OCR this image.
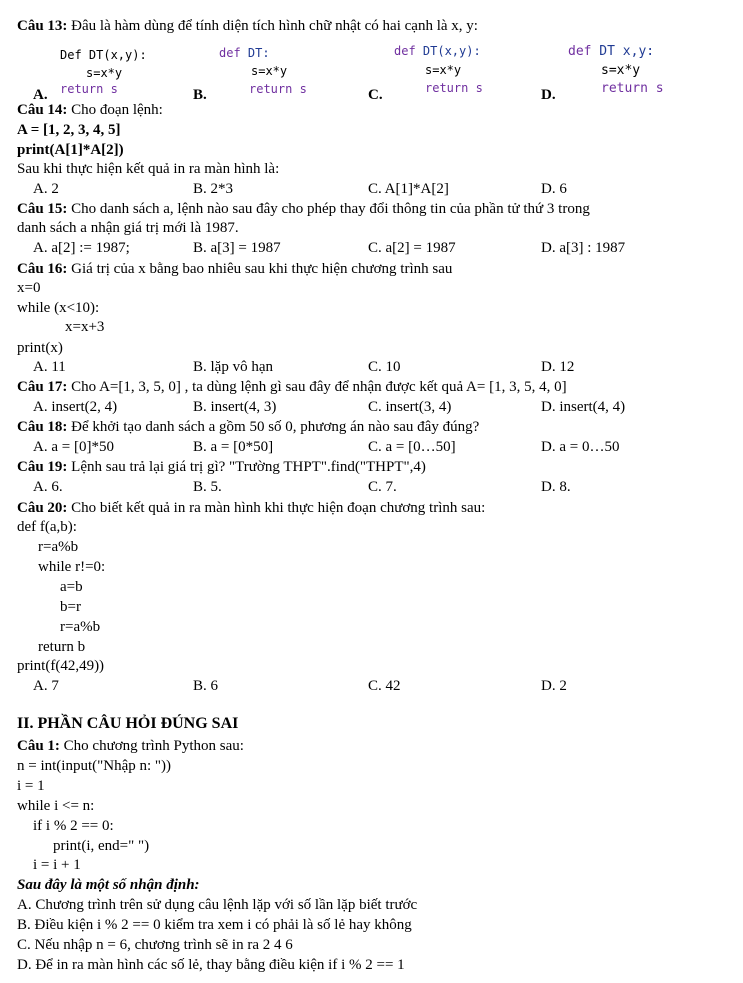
Câu 13: Đâu là hàm dùng để tính diện tích hình chữ nhật có hai cạnh là x, y:
Def DT(x,y):
s=x*y
return s
A.
def DT:
s=x*y
return s
B.
def DT(x,y):
s=x*y
return s
C.
def DT x,y:
s=x*y
return s
D.
Câu 14: Cho đoạn lệnh:
A = [1, 2, 3, 4, 5]
print(A[1]*A[2])
Sau khi thực hiện kết quả in ra màn hình là:
A. 2	B. 2*3	C. A[1]*A[2]	D. 6
Câu 15: Cho danh sách a, lệnh nào sau đây cho phép thay đổi thông tin của phần tử thứ 3 trong
danh sách a nhận giá trị mới là 1987.
A. a[2] := 1987;	B. a[3] = 1987	C. a[2] = 1987	D. a[3] : 1987
Câu 16: Giá trị của x bằng bao nhiêu sau khi thực hiện chương trình sau
x=0
while (x<10):
x=x+3
print(x)
A. 11	B. lặp vô hạn	C. 10	D. 12
Câu 17: Cho A=[1, 3, 5, 0] , ta dùng lệnh gì sau đây để nhận được kết quả A= [1, 3, 5, 4, 0]
A. insert(2, 4)	B. insert(4, 3)	C. insert(3, 4)	D. insert(4, 4)
Câu 18: Để khởi tạo danh sách a gồm 50 số 0, phương án nào sau đây đúng?
A. a = [0]*50	B. a = [0*50]	C. a = [0…50]	D. a = 0…50
Câu 19: Lệnh sau trả lại giá trị gì? "Trường THPT".find("THPT",4)
A. 6.	B. 5.	C. 7.	D. 8.
Câu 20: Cho biết kết quả in ra màn hình khi thực hiện đoạn chương trình sau:
def f(a,b):
r=a%b
while r!=0:
a=b
b=r
r=a%b
return b
print(f(42,49))
A. 7	B. 6	C. 42	D. 2
II. PHẦN CÂU HỎI ĐÚNG SAI
Câu 1: Cho chương trình Python sau:
n = int(input("Nhập n: "))
i = 1
while i <= n:
if i % 2 == 0:
print(i, end=" ")
i = i + 1
Sau đây là một số nhận định:
A. Chương trình trên sử dụng câu lệnh lặp với số lần lặp biết trước
B. Điều kiện i % 2 == 0 kiểm tra xem i có phải là số lẻ hay không
C. Nếu nhập n = 6, chương trình sẽ in ra 2 4 6
D. Để in ra màn hình các số lẻ, thay bằng điều kiện if i % 2 == 1
